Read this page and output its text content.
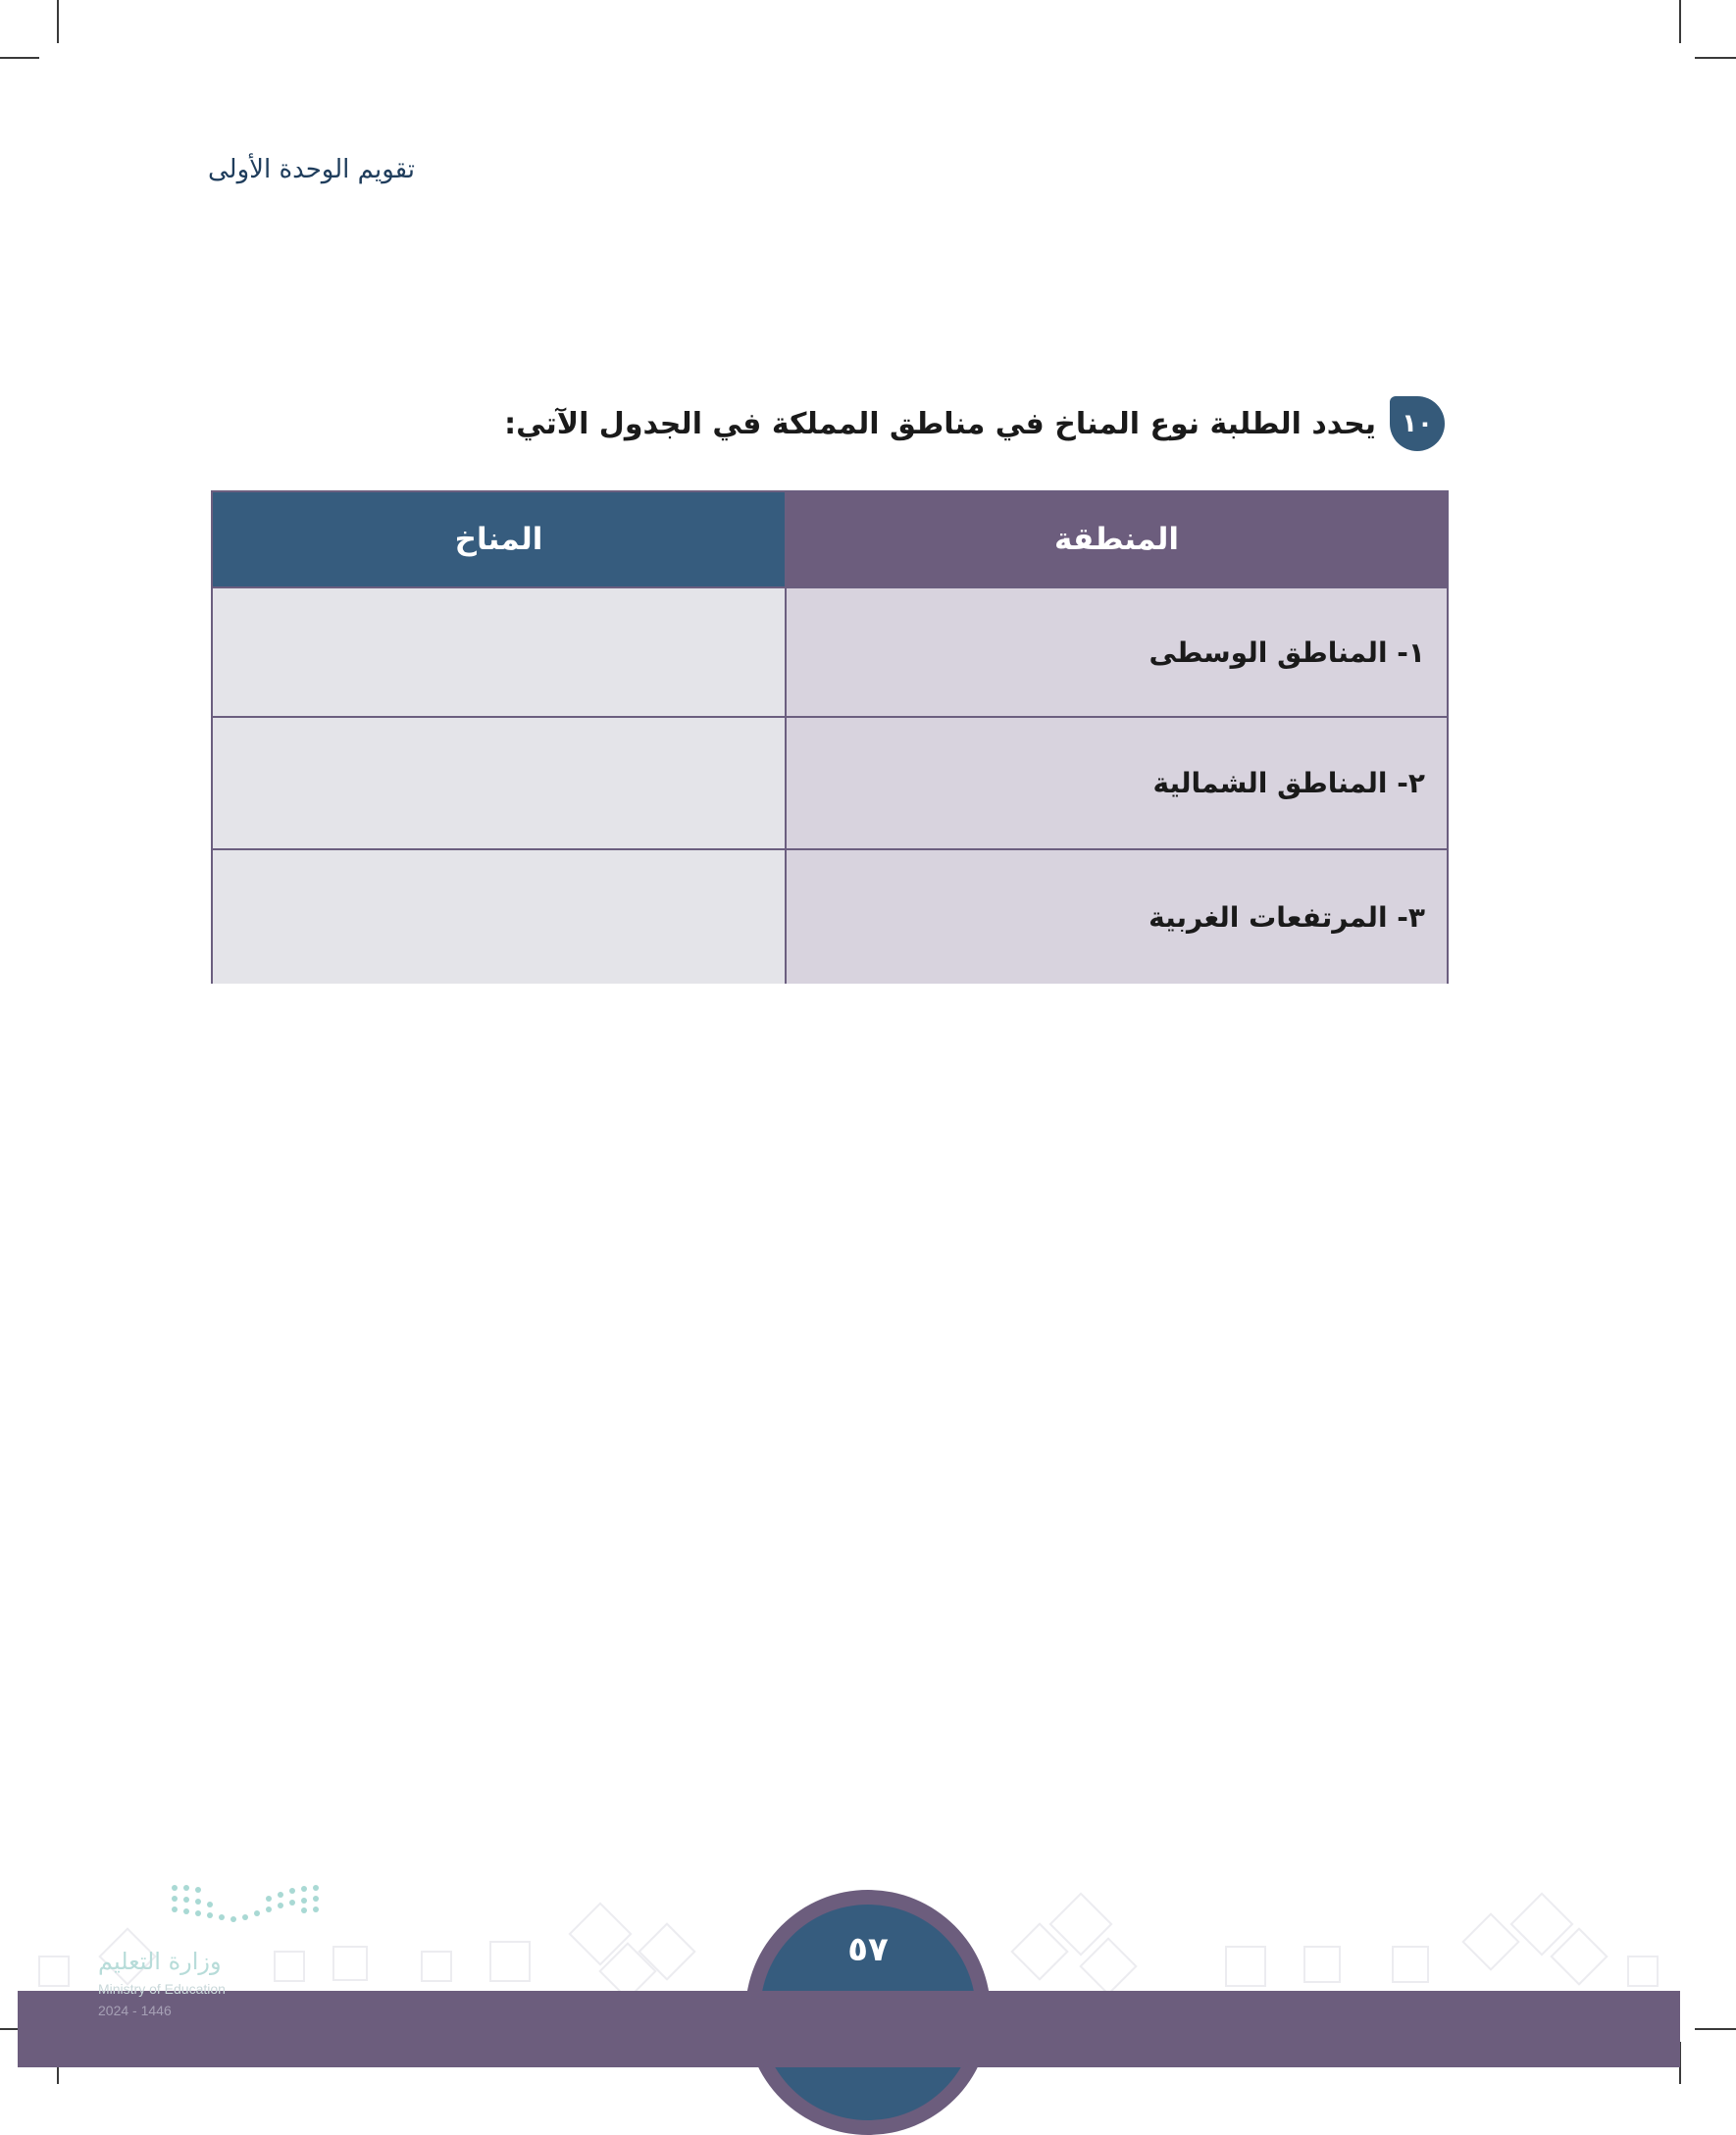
تقويم الوحدة الأولى
١٠
يحدد الطلبة نوع المناخ في مناطق المملكة في الجدول الآتي:
المنطقة
المناخ
١- المناطق الوسطى
٢- المناطق الشمالية
٣- المرتفعات الغربية
٥٧
وزارة التعليم
Ministry of Education
2024 - 1446
